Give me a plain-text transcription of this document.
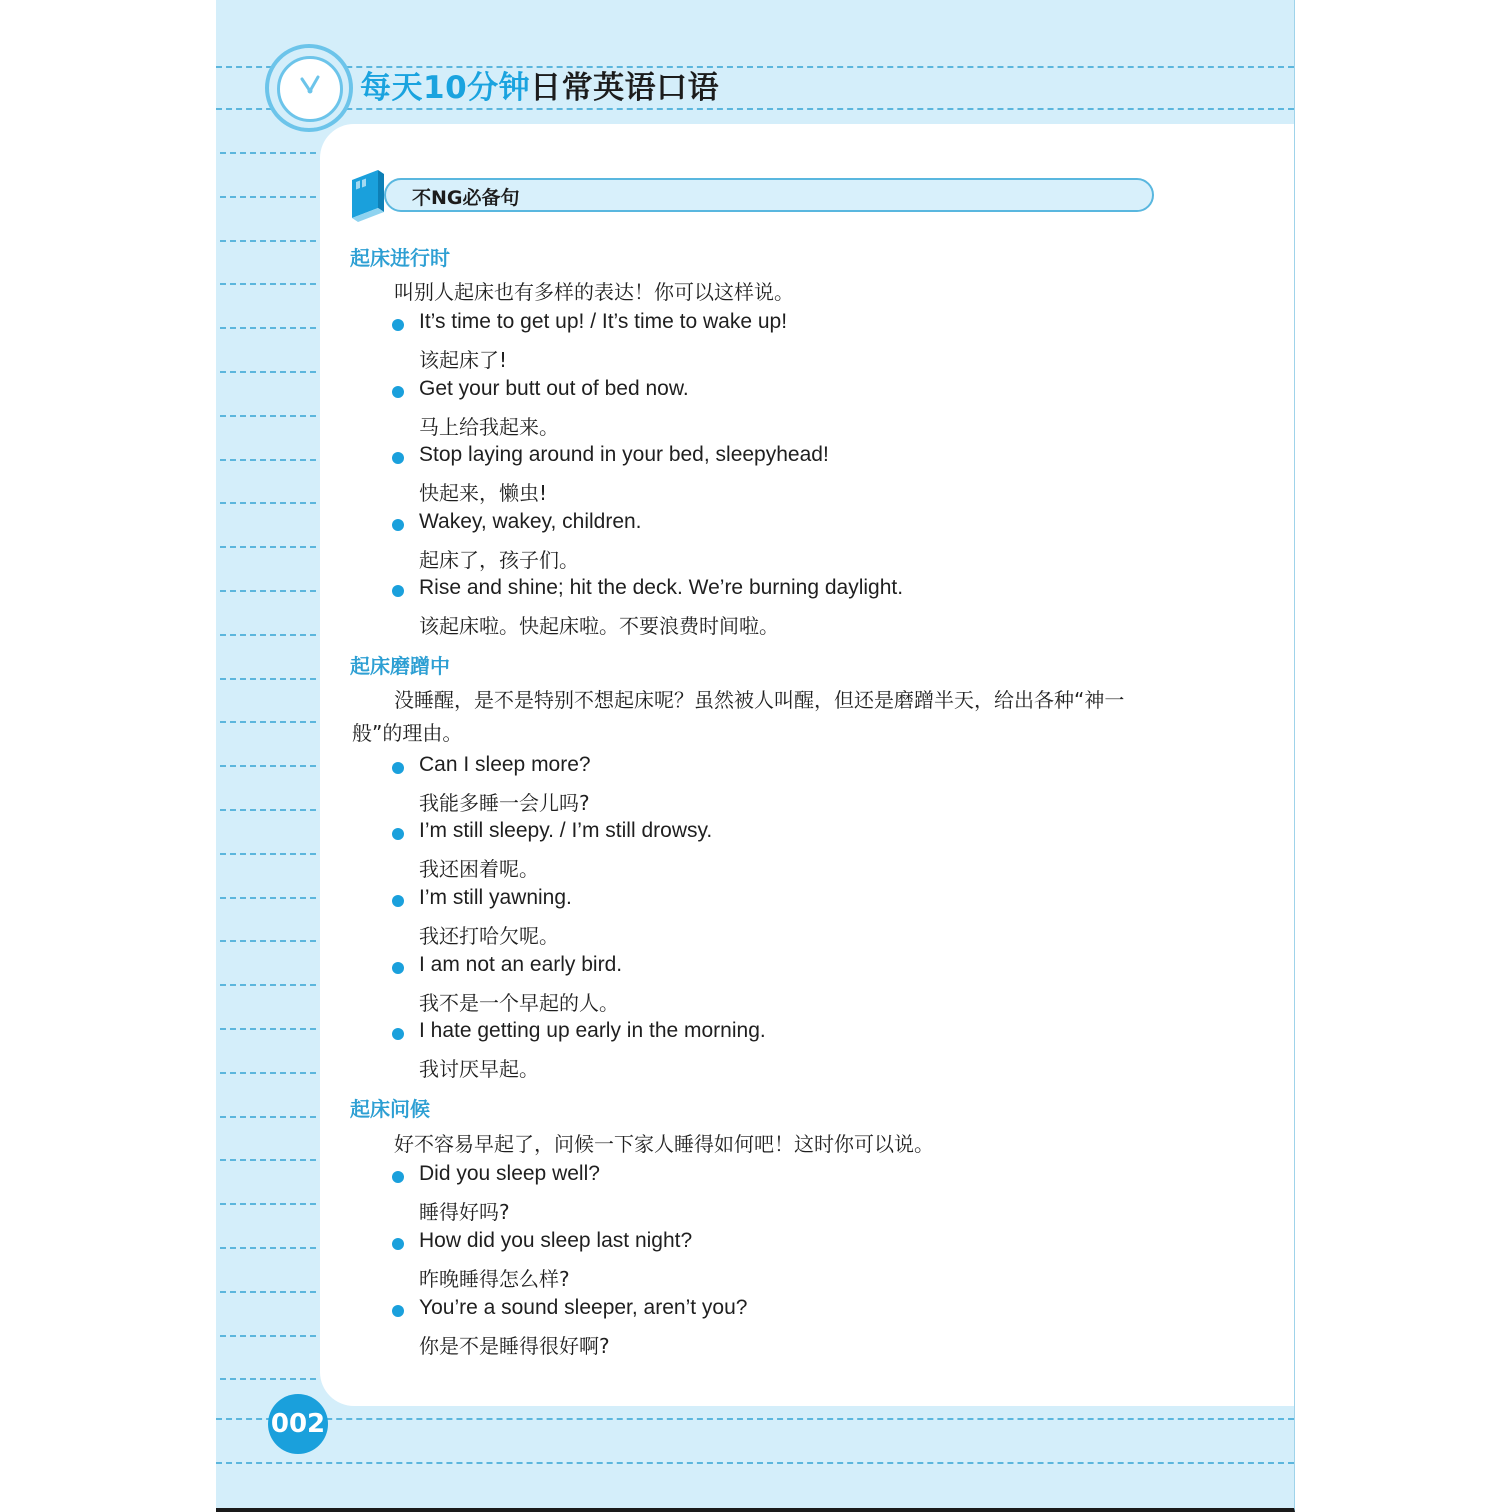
每天10分钟日常英语口语
不NG必备句
起床进行时
叫别人起床也有多样的表达！你可以这样说。
It’s time to get up! / It’s time to wake up!
该起床了!
Get your butt out of bed now.
马上给我起来。
Stop laying around in your bed, sleepyhead!
快起来，懒虫!
Wakey, wakey, children.
起床了，孩子们。
Rise and shine; hit the deck. We’re burning daylight.
该起床啦。快起床啦。不要浪费时间啦。
起床磨蹭中
没睡醒，是不是特别不想起床呢？虽然被人叫醒，但还是磨蹭半天，给出各种“神一般”的理由。
Can I sleep more?
我能多睡一会儿吗?
I’m still sleepy. / I’m still drowsy.
我还困着呢。
I’m still yawning.
我还打哈欠呢。
I am not an early bird.
我不是一个早起的人。
I hate getting up early in the morning.
我讨厌早起。
起床问候
好不容易早起了，问候一下家人睡得如何吧！这时你可以说。
Did you sleep well?
睡得好吗?
How did you sleep last night?
昨晚睡得怎么样?
You’re a sound sleeper, aren’t you?
你是不是睡得很好啊?
002
